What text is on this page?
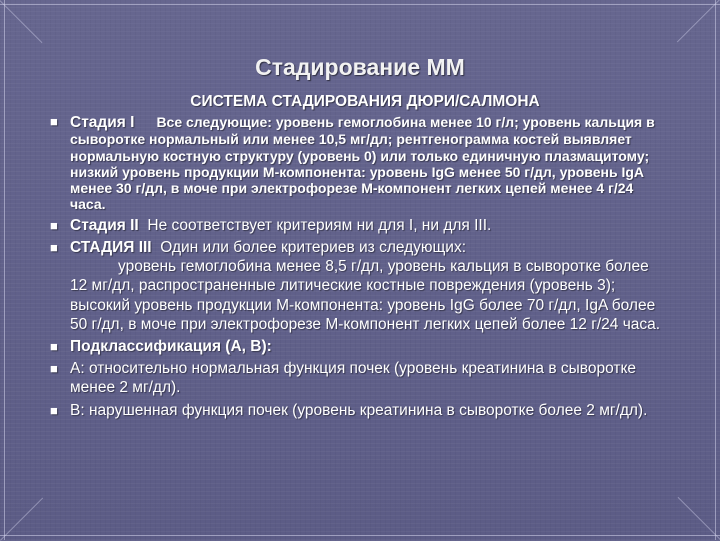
Стадирование ММ
СИСТЕМА СТАДИРОВАНИЯ ДЮРИ/САЛМОНА
■ Стадия I Все следующие: уровень гемоглобина менее 10 г/л; уровень кальция в сыворотке нормальный или менее 10,5 мг/дл; рентгенограмма костей выявляет нормальную костную структуру (уровень 0) или только единичную плазмацитому; низкий уровень продукции М-компонента: уровень IgG менее 50 г/дл, уровень IgA менее 30 г/дл, в моче при электрофорезе М-компонент легких цепей менее 4 г/24 часа.
■ Стадия II Не соответствует критериям ни для I, ни для III.
■ СТАДИЯ III Один или более критериев из следующих:
уровень гемоглобина менее 8,5 г/дл, уровень кальция в сыворотке более 12 мг/дл, распространенные литические костные повреждения (уровень 3); высокий уровень продукции М-компонента: уровень IgG более 70 г/дл, IgA более 50 г/дл, в моче при электрофорезе М-компонент легких цепей более 12 г/24 часа.
■ Подклассификация (A, B):
■ A: относительно нормальная функция почек (уровень креатинина в сыворотке менее 2 мг/дл).
■ B: нарушенная функция почек (уровень креатинина в сыворотке более 2 мг/дл).
